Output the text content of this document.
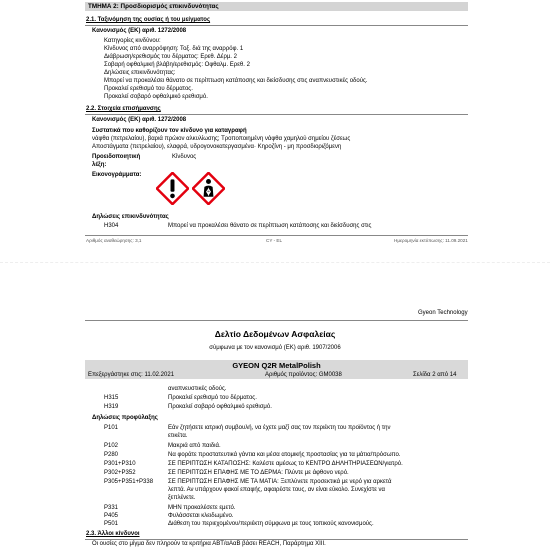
ΤΜΗΜΑ 2: Προσδιορισμός επικινδυνότητας
2.1. Ταξινόμηση της ουσίας ή του μείγματος
Κανονισμός (ΕΚ) αριθ. 1272/2008
Κατηγορίες κινδύνου:
Κίνδυνος από αναρρόφηση: Τοξ. διά της αναρρόφ. 1
Διάβρωση/ερεθισμός του δέρματος: Ερεθ. Δέρμ. 2
Σοβαρή οφθαλμική βλάβη/ερεθισμός: Οφθαλμ. Ερεθ. 2
Δηλώσεις επικινδυνότητας:
Μπορεί να προκαλέσει θάνατο σε περίπτωση κατάποσης και διείσδυσης στις αναπνευστικές οδούς.
Προκαλεί ερεθισμό του δέρματος.
Προκαλεί σοβαρό οφθαλμικό ερεθισμό.
2.2. Στοιχεία επισήμανσης
Κανονισμός (ΕΚ) αριθ. 1272/2008
Συστατικά που καθορίζουν τον κίνδυνο για καταγραφή
νάφθα (πετρελαίου), βαριά πρώιον αλκυλίωσης; Τροποποιημένη νάφθα χαμηλού σημείου ζέσεως
Αποστάγματα (πετρελαίου), ελαφρά, υδρογονοκατεργασμένα· Κηροζίνη - μη προσδιοριζόμενη
Προειδοποιητική
λέξη:
Κίνδυνος
Εικονογράμματα:
Δηλώσεις επικινδυνότητας
H304	Μπορεί να προκαλέσει θάνατο σε περίπτωση κατάποσης και διείσδυσης στις
Αριθμός αναθεώρησης: 3,1	CY - EL	Ημερομηνία εκτύπωσης: 11.09.2021
Gyeon Technology
Δελτίο Δεδομένων Ασφαλείας
σύμφωνα με τον κανονισμό (ΕΚ) αριθ. 1907/2006
GYEON Q2R MetalPolish
Επεξεργάστηκε στις: 11.02.2021	Αριθμός προϊόντος: GM0038	Σελίδα 2 από 14
αναπνευστικές οδούς.
H315	Προκαλεί ερεθισμό του δέρματος.
H319	Προκαλεί σοβαρό οφθαλμικό ερεθισμό.
Δηλώσεις προφύλαξης
P101	Εάν ζητήσετε ιατρική συμβουλή, να έχετε μαζί σας τον περιέκτη του προϊόντος ή την
ετικέτα.
P102	Μακριά από παιδιά.
P280	Να φοράτε προστατευτικά γάντια και μέσα ατομικής προστασίας για τα μάτια/πρόσωπο.
P301+P310	ΣΕ ΠΕΡΙΠΤΩΣΗ ΚΑΤΑΠΟΣΗΣ: Καλέστε αμέσως το ΚΕΝΤΡΟ ΔΗΛΗΤΗΡΙΑΣΕΩΝ/γιατρό.
P302+P352	ΣΕ ΠΕΡΙΠΤΩΣΗ ΕΠΑΦΗΣ ΜΕ ΤΟ ΔΕΡΜΑ: Πλύντε με άφθονο νερό.
P305+P351+P338 ΣΕ ΠΕΡΙΠΤΩΣΗ ΕΠΑΦΗΣ ΜΕ ΤΑ ΜΑΤΙΑ: Ξεπλύνετε προσεκτικά με νερό για αρκετά
λεπτά. Αν υπάρχουν φακοί επαφής, αφαιρέστε τους, αν είναι εύκολο. Συνεχίστε να
ξεπλένετε.
P331	ΜΗΝ προκαλέσετε εμετό.
P405	Φυλάσσεται κλειδωμένο.
P501	Διάθεση του περιεχομένου/περιέκτη σύμφωνα με τους τοπικούς κανονισμούς.
2.3. Άλλοι κίνδυνοι
Οι ουσίες στο μίγμα δεν πληρούν τα κριτήρια ΑΒΤ/αΑαΒ βάσει REACH, Παράρτημα XIII.
